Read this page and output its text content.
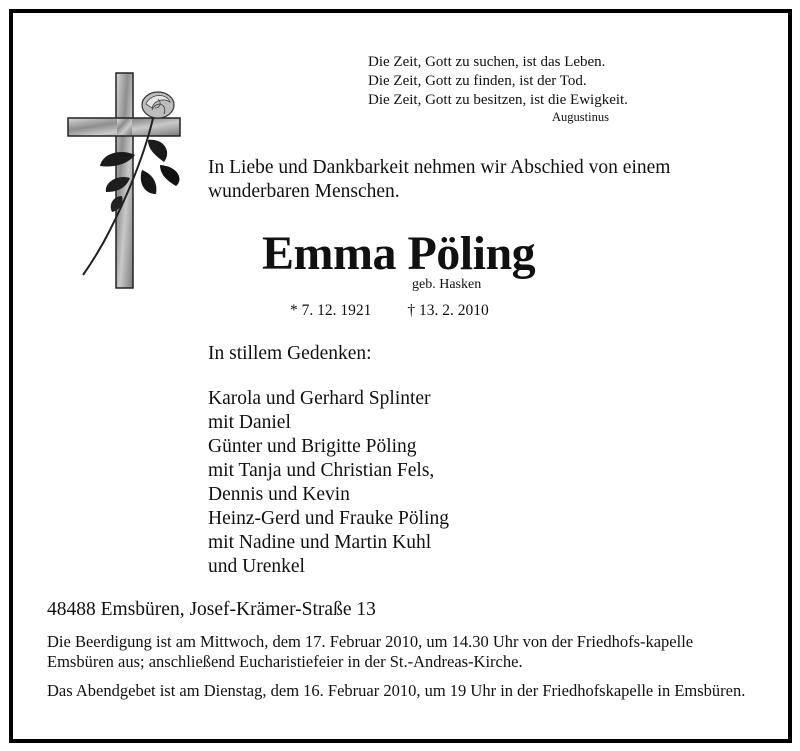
Die Zeit, Gott zu suchen, ist das Leben.
Die Zeit, Gott zu finden, ist der Tod.
Die Zeit, Gott zu besitzen, ist die Ewigkeit.
Augustinus
In Liebe und Dankbarkeit nehmen wir Abschied von einem
wunderbaren Menschen.
Emma Pöling
geb. Hasken
* 7. 12. 1921 † 13. 2. 2010
In stillem Gedenken:
Karola und Gerhard Splinter
mit Daniel
Günter und Brigitte Pöling
mit Tanja und Christian Fels,
Dennis und Kevin
Heinz-Gerd und Frauke Pöling
mit Nadine und Martin Kuhl
und Urenkel
48488 Emsbüren, Josef-Krämer-Straße 13
Die Beerdigung ist am Mittwoch, dem 17. Februar 2010, um 14.30 Uhr von der Friedhofs-kapelle Emsbüren aus; anschließend Eucharistiefeier in der St.-Andreas-Kirche.
Das Abendgebet ist am Dienstag, dem 16. Februar 2010, um 19 Uhr in der Friedhofskapelle in Emsbüren.
